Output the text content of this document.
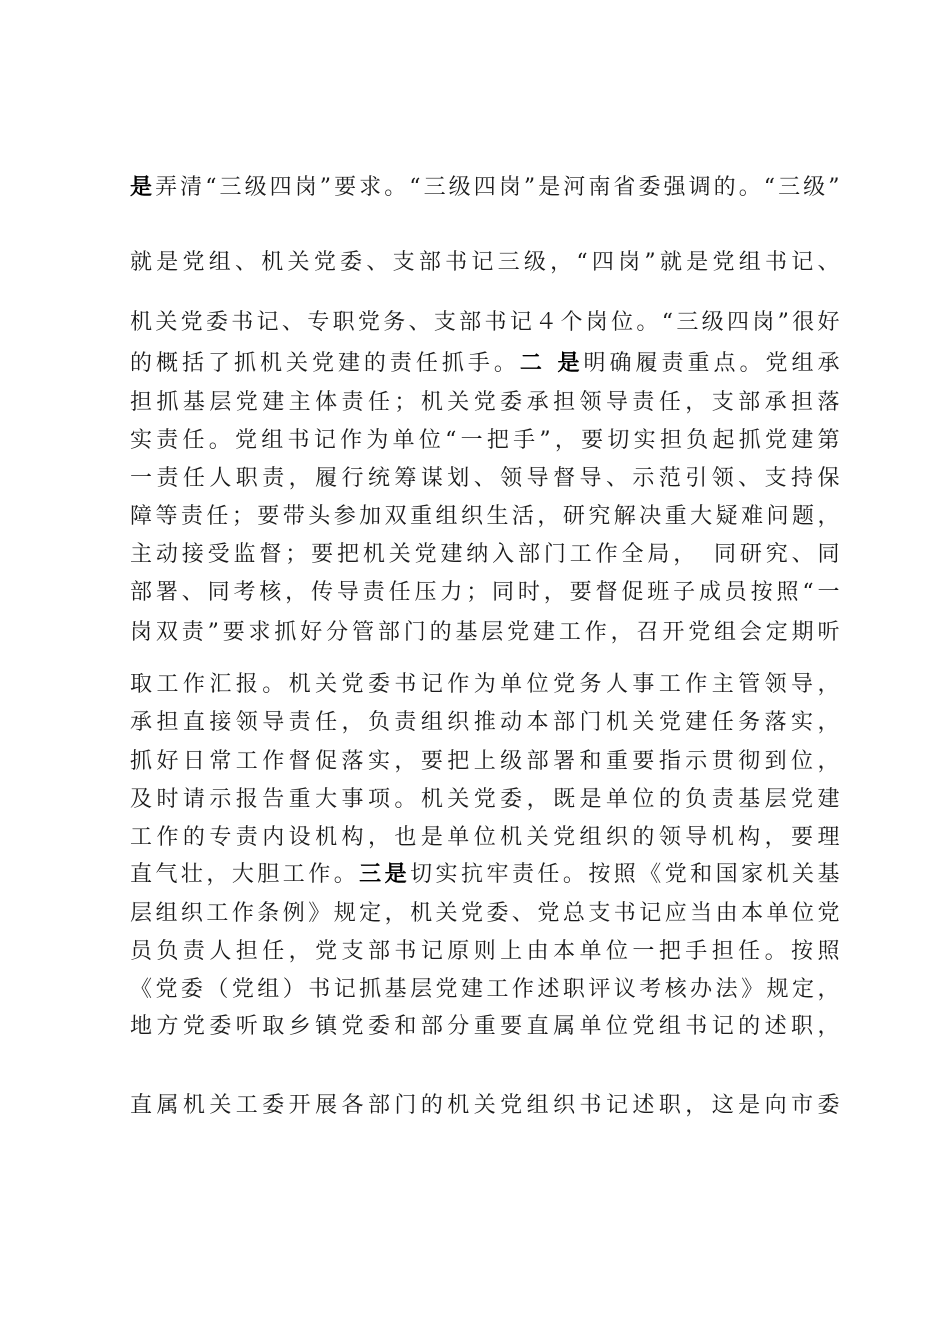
是弄清“三级四岗”要求。“三级四岗”是河南省委强调的。“三级”
就是党组、机关党委、支部书记三级，“四岗”就是党组书记、
机关党委书记、专职党务、支部书记４个岗位。“三级四岗”很好
的概括了抓机关党建的责任抓手。二 是明确履责重点。党组承
担抓基层党建主体责任；机关党委承担领导责任，支部承担落
实责任。党组书记作为单位“一把手”，要切实担负起抓党建第
一责任人职责，履行统筹谋划、领导督导、示范引领、支持保
障等责任；要带头参加双重组织生活，研究解决重大疑难问题，
主动接受监督；要把机关党建纳入部门工作全局，　同研究、同
部署、同考核，传导责任压力；同时，要督促班子成员按照“一
岗双责”要求抓好分管部门的基层党建工作，召开党组会定期听
取工作汇报。机关党委书记作为单位党务人事工作主管领导，
承担直接领导责任，负责组织推动本部门机关党建任务落实，
抓好日常工作督促落实，要把上级部署和重要指示贯彻到位，
及时请示报告重大事项。机关党委，既是单位的负责基层党建
工作的专责内设机构，也是单位机关党组织的领导机构，要理
直气壮，大胆工作。三是切实抗牢责任。按照《党和国家机关基
层组织工作条例》规定，机关党委、党总支书记应当由本单位党
员负责人担任，党支部书记原则上由本单位一把手担任。按照
《党委（党组）书记抓基层党建工作述职评议考核办法》规定，
地方党委听取乡镇党委和部分重要直属单位党组书记的述职，
直属机关工委开展各部门的机关党组织书记述职，这是向市委
